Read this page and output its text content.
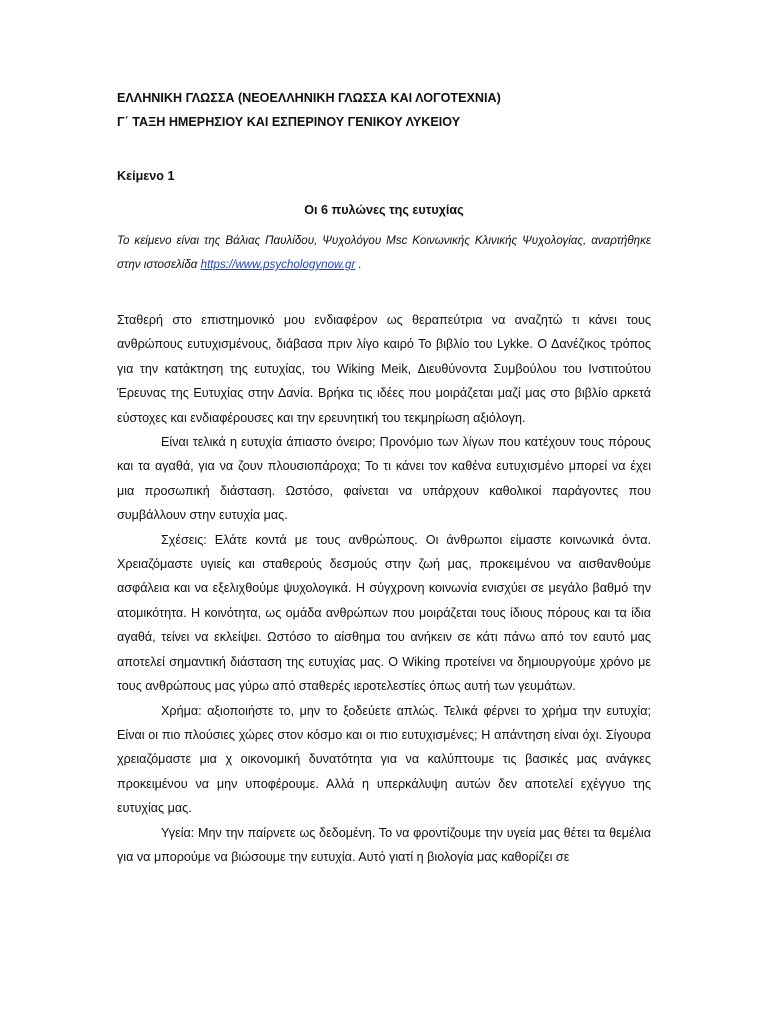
ΕΛΛΗΝΙΚΗ ΓΛΩΣΣΑ (ΝΕΟΕΛΛΗΝΙΚΗ ΓΛΩΣΣΑ ΚΑΙ ΛΟΓΟΤΕΧΝΙΑ)
Γ΄ ΤΑΞΗ ΗΜΕΡΗΣΙΟΥ ΚΑΙ ΕΣΠΕΡΙΝΟΥ ΓΕΝΙΚΟΥ ΛΥΚΕΙΟΥ
Κείμενο 1
Οι 6 πυλώνες της ευτυχίας
Το κείμενο είναι της Βάλιας Παυλίδου, Ψυχολόγου Msc Κοινωνικής Κλινικής Ψυχολογίας, αναρτήθηκε στην ιστοσελίδα https://www.psychologynow.gr .

Σταθερή στο επιστημονικό μου ενδιαφέρον ως θεραπεύτρια να αναζητώ τι κάνει τους ανθρώπους ευτυχισμένους, διάβασα πριν λίγο καιρό Το βιβλίο του Lykke. Ο Δανέζικος τρόπος για την κατάκτηση της ευτυχίας, του Wiking Meik, Διευθύνοντα Συμβούλου του Ινστιτούτου Έρευνας της Ευτυχίας στην Δανία. Βρήκα τις ιδέες που μοιράζεται μαζί μας στο βιβλίο αρκετά εύστοχες και ενδιαφέρουσες και την ερευνητική του τεκμηρίωση αξιόλογη.

Είναι τελικά η ευτυχία άπιαστο όνειρο; Προνόμιο των λίγων που κατέχουν τους πόρους και τα αγαθά, για να ζουν πλουσιοπάροχα; Το τι κάνει τον καθένα ευτυχισμένο μπορεί να έχει μια προσωπική διάσταση. Ωστόσο, φαίνεται να υπάρχουν καθολικοί παράγοντες που συμβάλλουν στην ευτυχία μας.

Σχέσεις: Ελάτε κοντά με τους ανθρώπους. Οι άνθρωποι είμαστε κοινωνικά όντα. Χρειαζόμαστε υγιείς και σταθερούς δεσμούς στην ζωή μας, προκειμένου να αισθανθούμε ασφάλεια και να εξελιχθούμε ψυχολογικά. Η σύγχρονη κοινωνία ενισχύει σε μεγάλο βαθμό την ατομικότητα. Η κοινότητα, ως ομάδα ανθρώπων που μοιράζεται τους ίδιους πόρους και τα ίδια αγαθά, τείνει να εκλείψει. Ωστόσο το αίσθημα του ανήκειν σε κάτι πάνω από τον εαυτό μας αποτελεί σημαντική διάσταση της ευτυχίας μας. Ο Wiking προτείνει να δημιουργούμε χρόνο με τους ανθρώπους μας γύρω από σταθερές ιεροτελεστίες όπως αυτή των γευμάτων.

Χρήμα: αξιοποιήστε το, μην το ξοδεύετε απλώς. Τελικά φέρνει το χρήμα την ευτυχία; Είναι οι πιο πλούσιες χώρες στον κόσμο και οι πιο ευτυχισμένες; Η απάντηση είναι όχι. Σίγουρα χρειαζόμαστε μια χ οικονομική δυνατότητα για να καλύπτουμε τις βασικές μας ανάγκες προκειμένου να μην υποφέρουμε. Αλλά η υπερκάλυψη αυτών δεν αποτελεί εχέγγυο της ευτυχίας μας.

Υγεία: Μην την παίρνετε ως δεδομένη. Το να φροντίζουμε την υγεία μας θέτει τα θεμέλια για να μπορούμε να βιώσουμε την ευτυχία. Αυτό γιατί η βιολογία μας καθορίζει σε
